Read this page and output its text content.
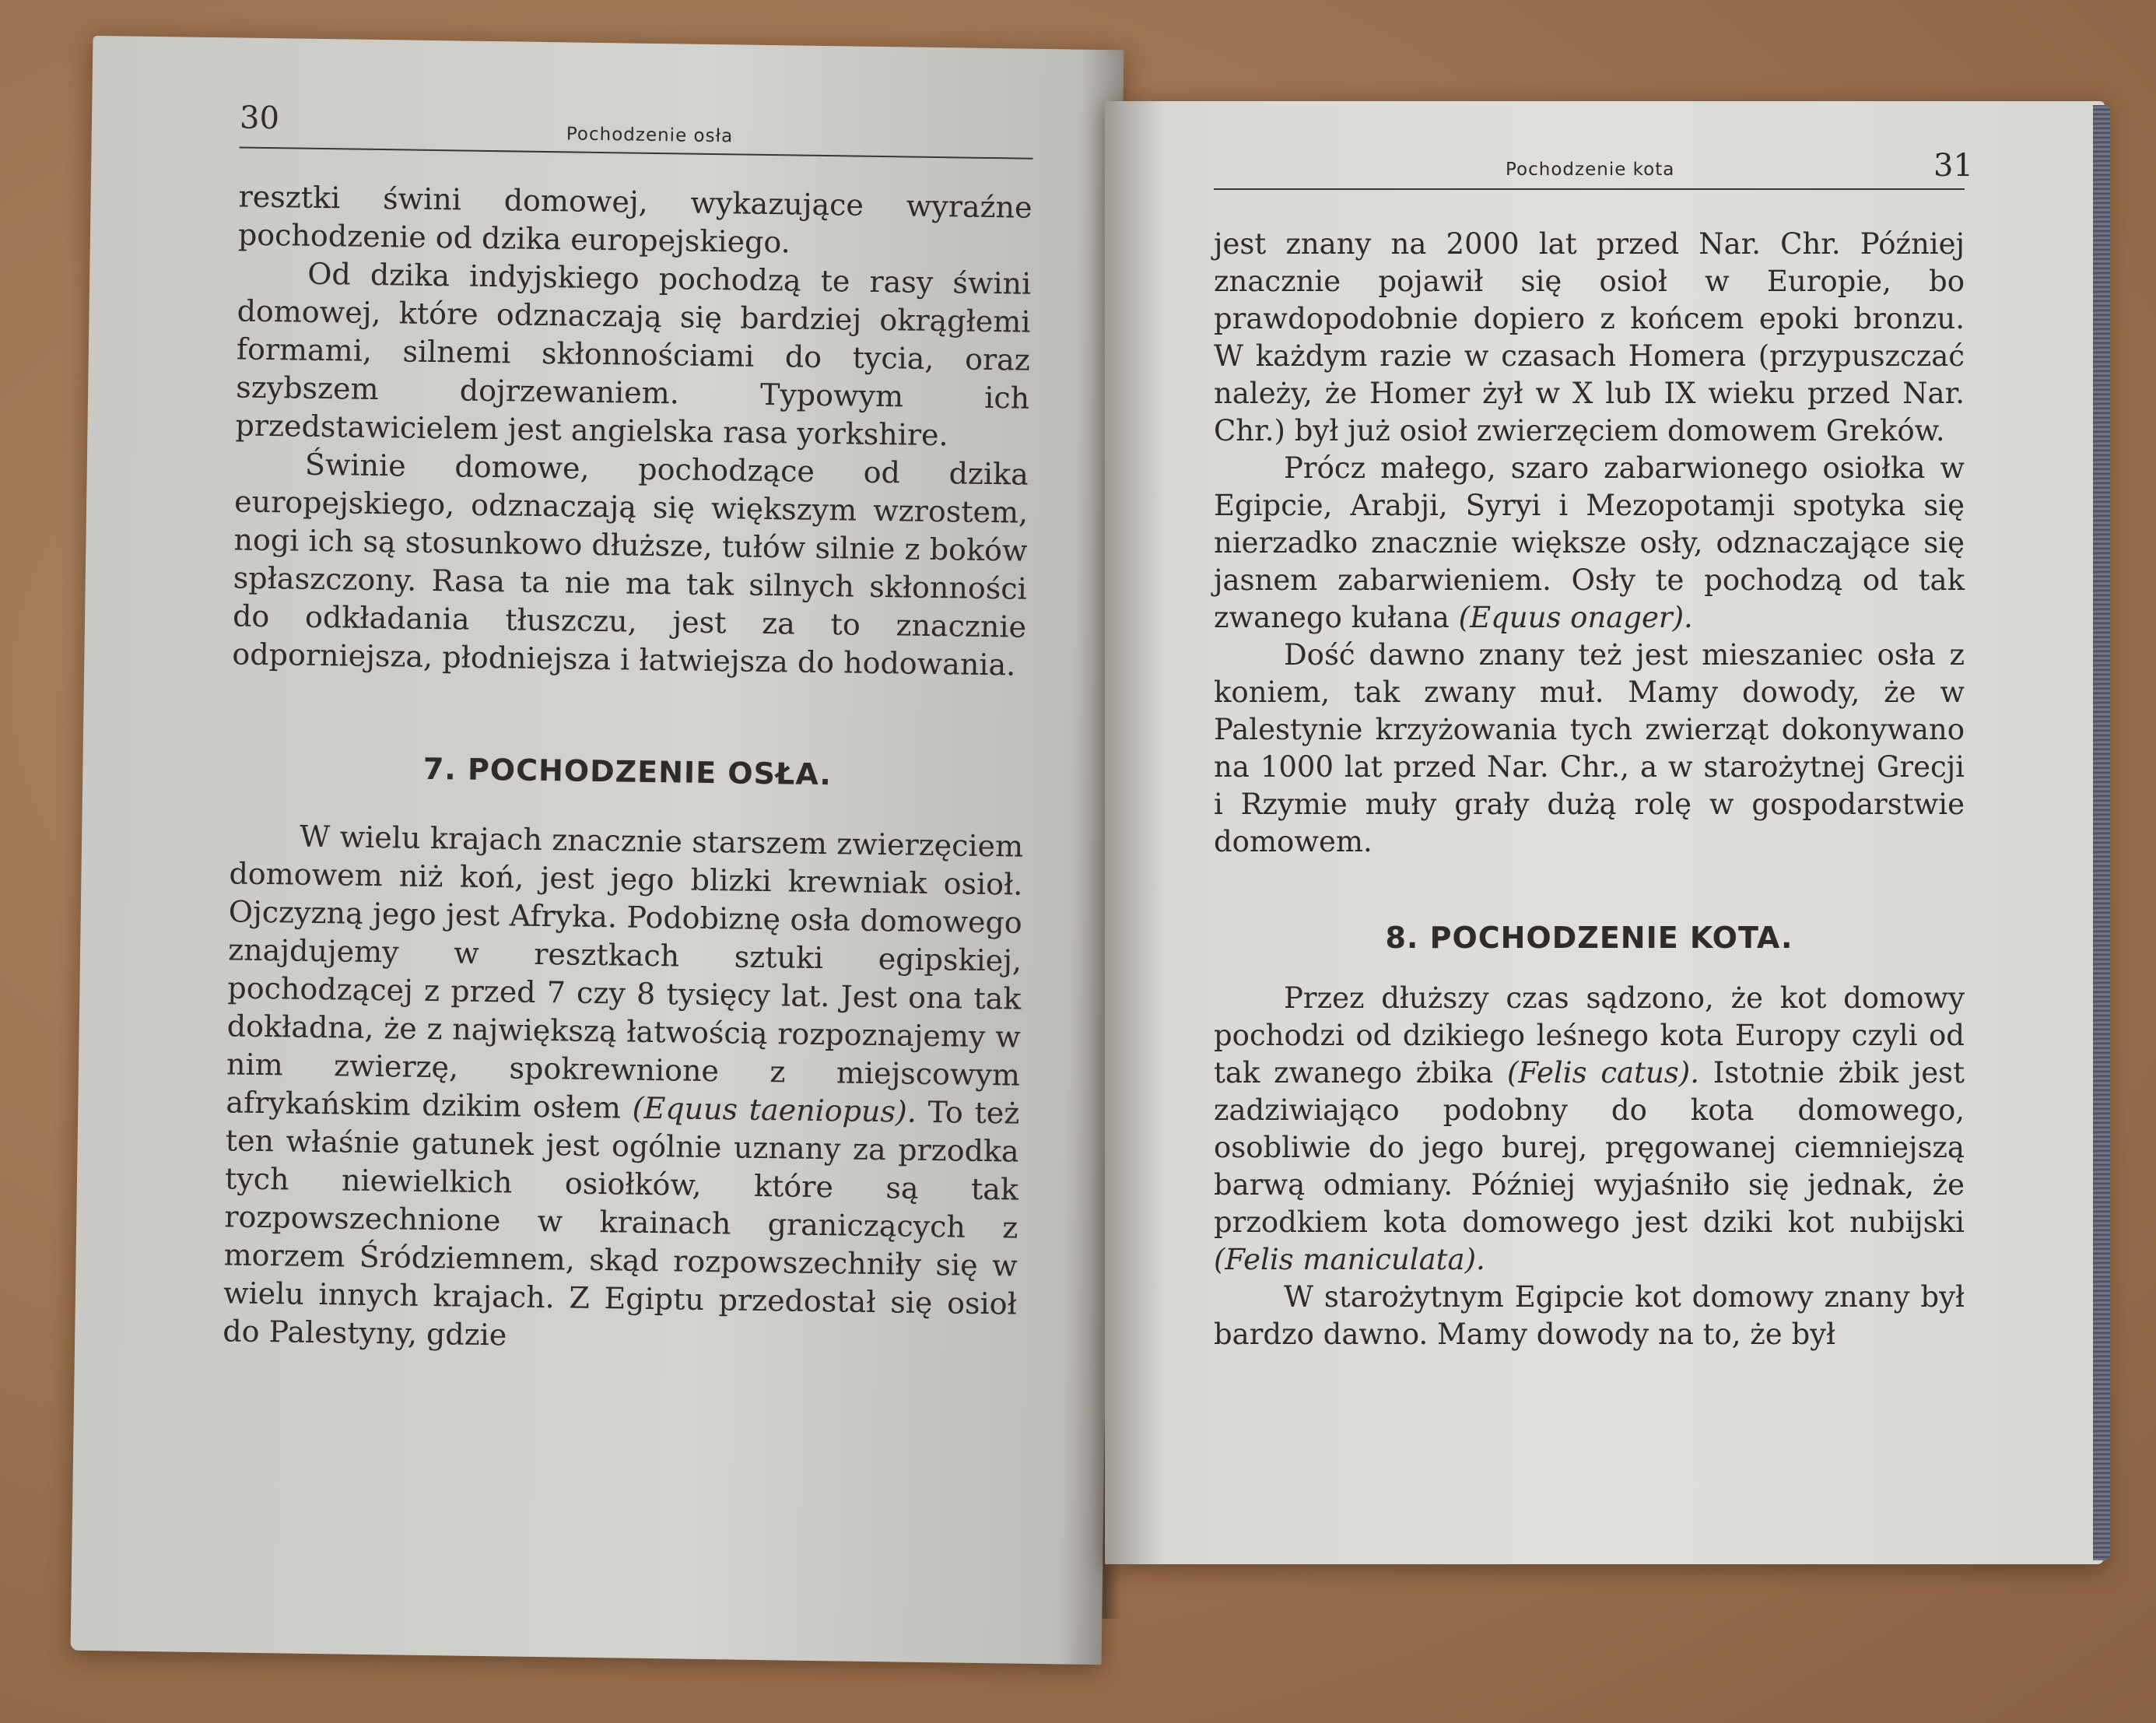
30	Pochodzenie osła

resztki świni domowej, wykazujące wyraźne pochodzenie od dzika europejskiego.

Od dzika indyjskiego pochodzą te rasy świni domowej, które odznaczają się bardziej okrągłemi formami, silnemi skłonnościami do tycia, oraz szybszem dojrzewaniem. Typowym ich przedstawicielem jest angielska rasa yorkshire.

Świnie domowe, pochodzące od dzika europejskiego, odznaczają się większym wzrostem, nogi ich są stosunkowo dłuższe, tułów silnie z boków spłaszczony. Rasa ta nie ma tak silnych skłonności do odkładania tłuszczu, jest za to znacznie odporniejsza, płodniejsza i łatwiejsza do hodowania.

7. POCHODZENIE OSŁA.

W wielu krajach znacznie starszem zwierzęciem domowem niż koń, jest jego blizki krewniak osioł. Ojczyzną jego jest Afryka. Podobiznę osła domowego znajdujemy w resztkach sztuki egipskiej, pochodzącej z przed 7 czy 8 tysięcy lat. Jest ona tak dokładna, że z największą łatwością rozpoznajemy w nim zwierzę, spokrewnione z miejscowym afrykańskim dzikim osłem (Equus taeniopus). To też ten właśnie gatunek jest ogólnie uznany za przodka tych niewielkich osiołków, które są tak rozpowszechnione w krainach graniczących z morzem Śródziemnem, skąd rozpowszechniły się w wielu innych krajach. Z Egiptu przedostał się osioł do Palestyny, gdzie

Pochodzenie kota	31

jest znany na 2000 lat przed Nar. Chr. Później znacznie pojawił się osioł w Europie, bo prawdopodobnie dopiero z końcem epoki bronzu. W każdym razie w czasach Homera (przypuszczać należy, że Homer żył w X lub IX wieku przed Nar. Chr.) był już osioł zwierzęciem domowem Greków.

Prócz małego, szaro zabarwionego osiołka w Egipcie, Arabji, Syryi i Mezopotamji spotyka się nierzadko znacznie większe osły, odznaczające się jasnem zabarwieniem. Osły te pochodzą od tak zwanego kułana (Equus onager).

Dość dawno znany też jest mieszaniec osła z koniem, tak zwany muł. Mamy dowody, że w Palestynie krzyżowania tych zwierząt dokonywano na 1000 lat przed Nar. Chr., a w starożytnej Grecji i Rzymie muły grały dużą rolę w gospodarstwie domowem.

8. POCHODZENIE KOTA.

Przez dłuższy czas sądzono, że kot domowy pochodzi od dzikiego leśnego kota Europy czyli od tak zwanego żbika (Felis catus). Istotnie żbik jest zadziwiająco podobny do kota domowego, osobliwie do jego burej, pręgowanej ciemniejszą barwą odmiany. Później wyjaśniło się jednak, że przodkiem kota domowego jest dziki kot nubijski (Felis maniculata).

W starożytnym Egipcie kot domowy znany był bardzo dawno. Mamy dowody na to, że był
